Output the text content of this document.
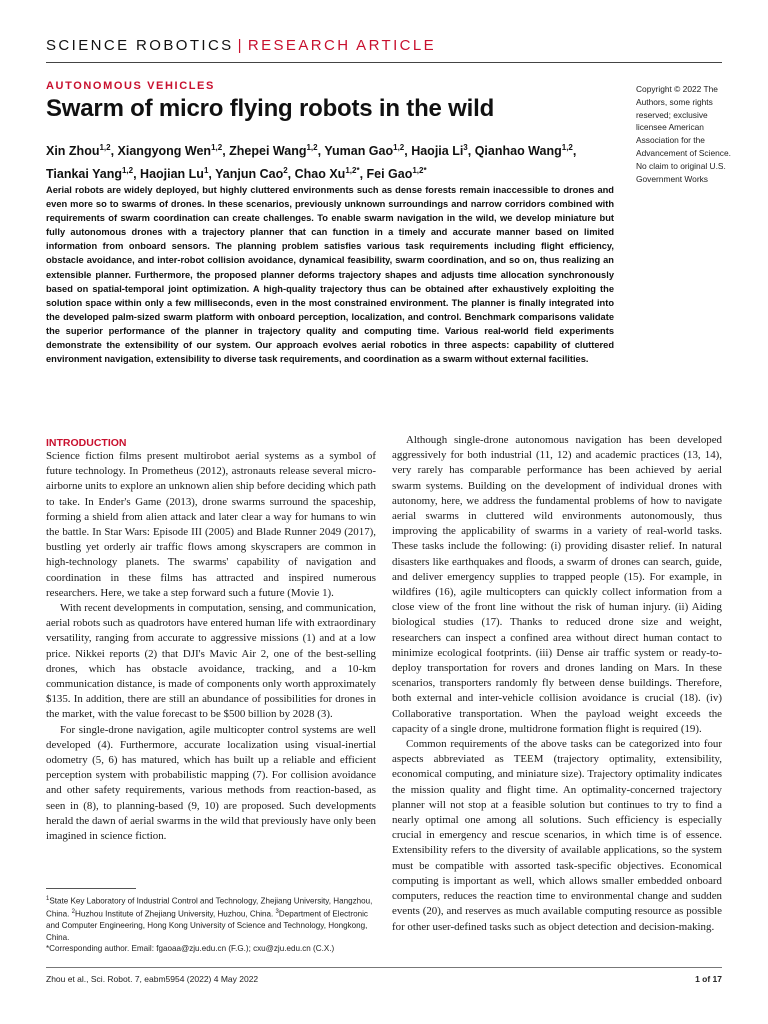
SCIENCE ROBOTICS | RESEARCH ARTICLE
AUTONOMOUS VEHICLES
Swarm of micro flying robots in the wild
Xin Zhou$^{1,2}$, Xiangyong Wen$^{1,2}$, Zhepei Wang$^{1,2}$, Yuman Gao$^{1,2}$, Haojia Li$^3$, Qianhao Wang$^{1,2}$,
Tiankai Yang$^{1,2}$, Haojian Lu$^1$, Yanjun Cao$^2$, Chao $Xu^{1,2*}$, Fei Gao$^{1,2*}$
Copyright © 2022 The Authors, some rights reserved; exclusive licensee American Association for the Advancement of Science. No claim to original U.S. Government Works
Aerial robots are widely deployed, but highly cluttered environments such as dense forests remain inaccessible to drones and even more so to swarms of drones. In these scenarios, previously unknown surroundings and narrow corridors combined with requirements of swarm coordination can create challenges. To enable swarm navigation in the wild, we develop miniature but fully autonomous drones with a trajectory planner that can function in a timely and accurate manner based on limited information from onboard sensors. The planning problem satisfies various task requirements including flight efficiency, obstacle avoidance, and inter-robot collision avoidance, dynamical feasibility, swarm coordination, and so on, thus realizing an extensible planner. Furthermore, the proposed planner deforms trajectory shapes and adjusts time allocation synchronously based on spatial-temporal joint optimization. A high-quality trajectory thus can be obtained after exhaustively exploiting the solution space within only a few milliseconds, even in the most constrained environment. The planner is finally integrated into the developed palm-sized swarm platform with onboard perception, localization, and control. Benchmark comparisons validate the superior performance of the planner in trajectory quality and computing time. Various real-world field experiments demonstrate the extensibility of our system. Our approach evolves aerial robotics in three aspects: capability of cluttered environment navigation, extensibility to diverse task requirements, and coordination as a swarm without external facilities.

INTRODUCTION

Science fiction films present multirobot aerial systems as a symbol of future technology. In Prometheus (2012), astronauts release several micro-airborne units to explore an unknown alien ship before deciding which path to take. In Ender's Game (2013), drone swarms surround the spaceship, forming a shield from alien attack and later clear a way for humans to win the battle. In Star Wars: Episode III (2005) and Blade Runner 2049 (2017), bustling yet orderly air traffic flows among skyscrapers are common in high-technology planets. The swarms' capability of navigation and coordination in these films has attracted and inspired numerous researchers. Here, we take a step forward such a future (Movie 1).

With recent developments in computation, sensing, and communication, aerial robots such as quadrotors have entered human life with extraordinary versatility, ranging from accurate to aggressive missions (1) and at a low price. Nikkei reports (2) that DJI's Mavic Air 2, one of the best-selling drones, which has obstacle avoidance, tracking, and a 10-km communication distance, is made of components only worth approximately $135. In addition, there are still an abundance of possibilities for drones in the market, with the value forecast to be $500 billion by 2028 (3).

For single-drone navigation, agile multicopter control systems are well developed (4). Furthermore, accurate localization using visual-inertial odometry (5, 6) has matured, which has built up a reliable and efficient perception system with probabilistic mapping (7). For collision avoidance and other safety requirements, various methods from reaction-based, as seen in (8), to planning-based (9, 10) are proposed. Such developments herald the dawn of aerial swarms in the wild that previously have only been imagined in science fiction.

Although single-drone autonomous navigation has been developed aggressively for both industrial (11, 12) and academic practices (13, 14), very rarely has comparable performance has been achieved by aerial swarm systems. Building on the development of individual drones with autonomy, here, we address the fundamental problems of how to navigate aerial swarms in cluttered wild environments autonomously, thus improving the applicability of swarms in a variety of real-world tasks. These tasks include the following: (i) providing disaster relief. In natural disasters like earthquakes and floods, a swarm of drones can search, guide, and deliver emergency supplies to trapped people (15). For example, in wildfires (16), agile multicopters can quickly collect information from a close view of the front line without the risk of human injury. (ii) Aiding biological studies (17). Thanks to reduced drone size and weight, researchers can inspect a confined area without direct human contact to minimize ecological footprints. (iii) Dense air traffic system or ready-to-deploy transportation for rovers and drones landing on Mars. In these scenarios, transporters randomly fly between dense buildings. Therefore, both external and inter-vehicle collision avoidance is crucial (18). (iv) Collaborative transportation. When the payload weight exceeds the capacity of a single drone, multidrone formation flight is required (19).

Common requirements of the above tasks can be categorized into four aspects abbreviated as TEEM (trajectory optimality, extensibility, economical computing, and miniature size). Trajectory optimality indicates the mission quality and flight time. An optimality-concerned trajectory planner will not stop at a feasible solution but continues to try to find a nearly optimal one among all solutions. Such efficiency is especially crucial in emergency and rescue scenarios, in which time is of essence. Extensibility refers to the diversity of available applications, so the system must be compatible with assorted task-specific objectives. Economical computing is important as well, which allows smaller embedded onboard computers, reduces the reaction time to environmental change and sudden events (20), and reserves as much available computing resource as possible for other user-defined tasks such as object detection and decision-making.

$^1$State Key Laboratory of Industrial Control and Technology, Zhejiang University, Hangzhou, China. $^2$Huzhou Institute of Zhejiang University, Huzhou, China. $^3$Department of Electronic and Computer Engineering, Hong Kong University of Science and Technology, Hongkong, China.

*Corresponding author. Email: fgaoaa@zju.edu.cn (F.G.); cxu@zju.edu.cn (C.X.)

Zhou et al., Sci. Robot. 7, eabm5954 (2022) 4 May 2022	1 of 17
